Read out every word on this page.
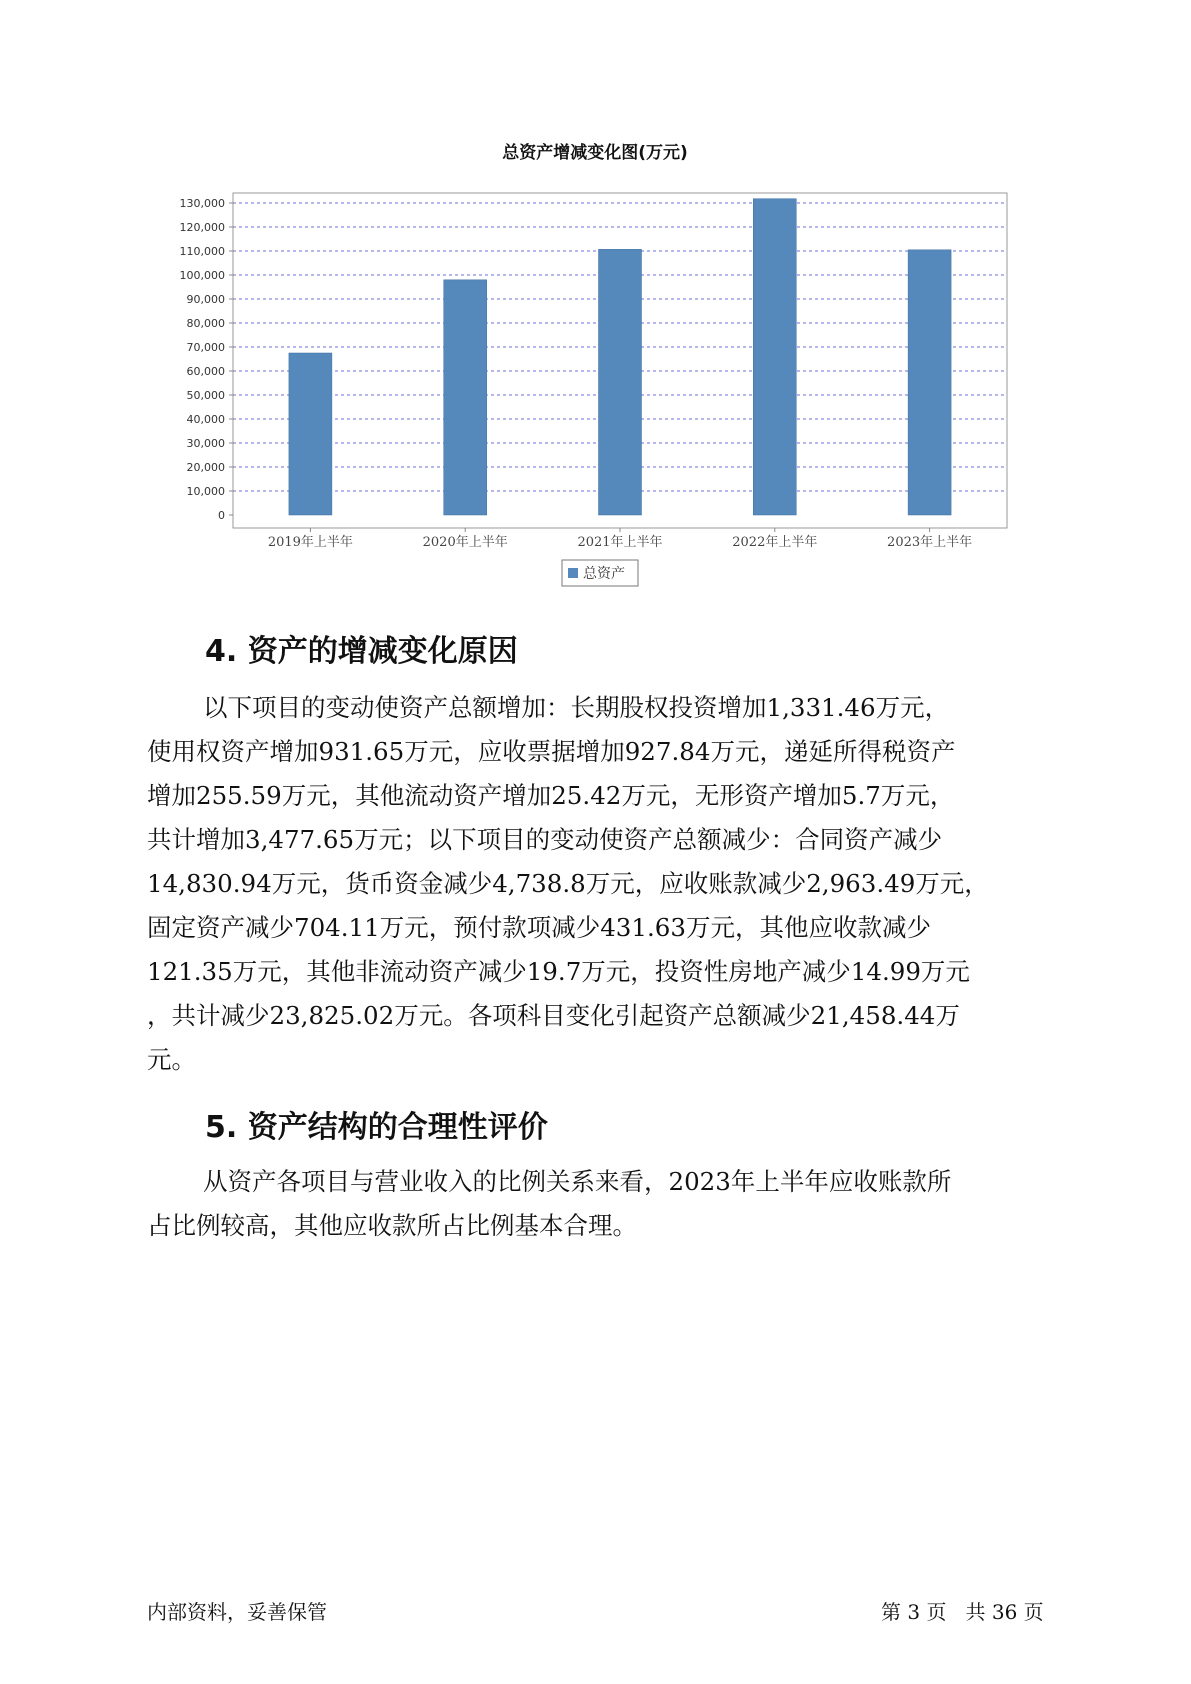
总资产增减变化图(万元)
0
10,000
20,000
30,000
40,000
50,000
60,000
70,000
80,000
90,000
100,000
110,000
120,000
130,000
2019年上半年	2020年上半年	2021年上半年	2022年上半年	2023年上半年
总资产
4. 资产的增减变化原因
以下项目的变动使资产总额增加：长期股权投资增加1,331.46万元，
使用权资产增加931.65万元，应收票据增加927.84万元，递延所得税资产
增加255.59万元，其他流动资产增加25.42万元，无形资产增加5.7万元，
共计增加3,477.65万元；以下项目的变动使资产总额减少：合同资产减少
14,830.94万元，货币资金减少4,738.8万元，应收账款减少2,963.49万元，
固定资产减少704.11万元，预付款项减少431.63万元，其他应收款减少
121.35万元，其他非流动资产减少19.7万元，投资性房地产减少14.99万元
，共计减少23,825.02万元。各项科目变化引起资产总额减少21,458.44万
元。
5. 资产结构的合理性评价
从资产各项目与营业收入的比例关系来看，2023年上半年应收账款所
占比例较高，其他应收款所占比例基本合理。
内部资料，妥善保管	第 3 页   共 36 页
